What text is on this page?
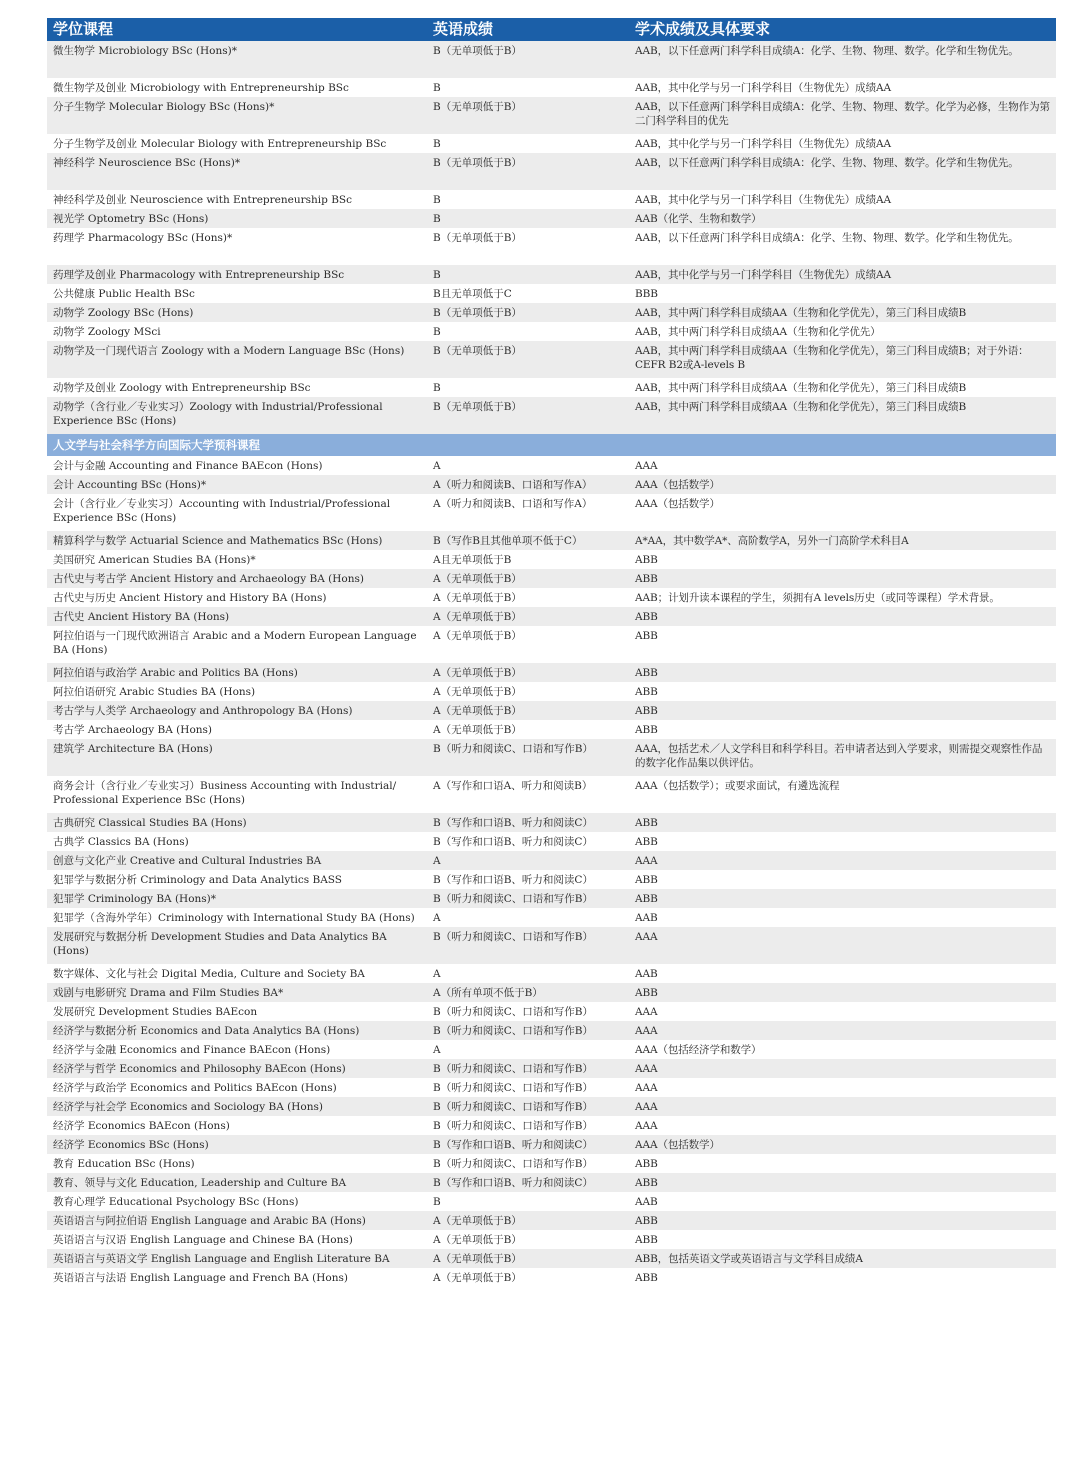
学位课程	英语成绩	学术成绩及具体要求
微生物学 Microbiology BSc (Hons)*	B（无单项低于B）	AAB，以下任意两门科学科目成绩A：化学、生物、物理、数学。化学和生物优先。
微生物学及创业 Microbiology with Entrepreneurship BSc	B	AAB，其中化学与另一门科学科目（生物优先）成绩AA
分子生物学 Molecular Biology BSc (Hons)*	B（无单项低于B）	AAB，以下任意两门科学科目成绩A：化学、生物、物理、数学。化学为必修，生物作为第二门科学科目的优先
分子生物学及创业 Molecular Biology with Entrepreneurship BSc	B	AAB，其中化学与另一门科学科目（生物优先）成绩AA
神经科学 Neuroscience BSc (Hons)*	B（无单项低于B）	AAB，以下任意两门科学科目成绩A：化学、生物、物理、数学。化学和生物优先。
神经科学及创业 Neuroscience with Entrepreneurship BSc	B	AAB，其中化学与另一门科学科目（生物优先）成绩AA
视光学 Optometry BSc (Hons)	B	AAB（化学、生物和数学）
药理学 Pharmacology BSc (Hons)*	B（无单项低于B）	AAB，以下任意两门科学科目成绩A：化学、生物、物理、数学。化学和生物优先。
药理学及创业 Pharmacology with Entrepreneurship BSc	B	AAB，其中化学与另一门科学科目（生物优先）成绩AA
公共健康 Public Health BSc	B且无单项低于C	BBB
动物学 Zoology BSc (Hons)	B（无单项低于B）	AAB，其中两门科学科目成绩AA（生物和化学优先），第三门科目成绩B
动物学 Zoology MSci	B	AAB，其中两门科学科目成绩AA（生物和化学优先）
动物学及一门现代语言 Zoology with a Modern Language BSc (Hons)	B（无单项低于B）	AAB，其中两门科学科目成绩AA（生物和化学优先），第三门科目成绩B；对于外语：CEFR B2或A-levels B
动物学及创业 Zoology with Entrepreneurship BSc	B	AAB，其中两门科学科目成绩AA（生物和化学优先），第三门科目成绩B
动物学（含行业／专业实习）Zoology with Industrial/Professional Experience BSc (Hons)	B（无单项低于B）	AAB，其中两门科学科目成绩AA（生物和化学优先），第三门科目成绩B
人文学与社会科学方向国际大学预科课程		
会计与金融 Accounting and Finance BAEcon (Hons)	A	AAA
会计 Accounting BSc (Hons)*	A（听力和阅读B、口语和写作A）	AAA（包括数学）
会计（含行业／专业实习）Accounting with Industrial/Professional Experience BSc (Hons)	A（听力和阅读B、口语和写作A）	AAA（包括数学）
精算科学与数学 Actuarial Science and Mathematics BSc (Hons)	B（写作B且其他单项不低于C）	A*AA，其中数学A*、高阶数学A，另外一门高阶学术科目A
美国研究 American Studies BA (Hons)*	A且无单项低于B	ABB
古代史与考古学 Ancient History and Archaeology BA (Hons)	A（无单项低于B）	ABB
古代史与历史 Ancient History and History BA (Hons)	A（无单项低于B）	AAB；计划升读本课程的学生，须拥有A levels历史（或同等课程）学术背景。
古代史 Ancient History BA (Hons)	A（无单项低于B）	ABB
阿拉伯语与一门现代欧洲语言 Arabic and a Modern European Language BA (Hons)	A（无单项低于B）	ABB
阿拉伯语与政治学 Arabic and Politics BA (Hons)	A（无单项低于B）	ABB
阿拉伯语研究 Arabic Studies BA (Hons)	A（无单项低于B）	ABB
考古学与人类学 Archaeology and Anthropology BA (Hons)	A（无单项低于B）	ABB
考古学 Archaeology BA (Hons)	A（无单项低于B）	ABB
建筑学 Architecture BA (Hons)	B（听力和阅读C、口语和写作B）	AAA，包括艺术／人文学科目和科学科目。若申请者达到入学要求，则需提交观察性作品的数字化作品集以供评估。
商务会计（含行业／专业实习）Business Accounting with Industrial/ Professional Experience BSc (Hons)	A（写作和口语A、听力和阅读B）	AAA（包括数学）；或要求面试，有遴选流程
古典研究 Classical Studies BA (Hons)	B（写作和口语B、听力和阅读C）	ABB
古典学 Classics BA (Hons)	B（写作和口语B、听力和阅读C）	ABB
创意与文化产业 Creative and Cultural Industries BA	A	AAA
犯罪学与数据分析 Criminology and Data Analytics BASS	B（写作和口语B、听力和阅读C）	ABB
犯罪学 Criminology BA (Hons)*	B（听力和阅读C、口语和写作B）	ABB
犯罪学（含海外学年）Criminology with International Study BA (Hons)	A	AAB
发展研究与数据分析 Development Studies and Data Analytics BA (Hons)	B（听力和阅读C、口语和写作B）	AAA
数字媒体、文化与社会 Digital Media, Culture and Society BA	A	AAB
戏剧与电影研究 Drama and Film Studies BA*	A（所有单项不低于B）	ABB
发展研究 Development Studies BAEcon	B（听力和阅读C、口语和写作B）	AAA
经济学与数据分析 Economics and Data Analytics BA (Hons)	B（听力和阅读C、口语和写作B）	AAA
经济学与金融 Economics and Finance BAEcon (Hons)	A	AAA（包括经济学和数学）
经济学与哲学 Economics and Philosophy BAEcon (Hons)	B（听力和阅读C、口语和写作B）	AAA
经济学与政治学 Economics and Politics BAEcon (Hons)	B（听力和阅读C、口语和写作B）	AAA
经济学与社会学 Economics and Sociology BA (Hons)	B（听力和阅读C、口语和写作B）	AAA
经济学 Economics BAEcon (Hons)	B（听力和阅读C、口语和写作B）	AAA
经济学 Economics BSc (Hons)	B（写作和口语B、听力和阅读C）	AAA（包括数学）
教育 Education BSc (Hons)	B（听力和阅读C、口语和写作B）	ABB
教育、领导与文化 Education, Leadership and Culture BA	B（写作和口语B、听力和阅读C）	ABB
教育心理学 Educational Psychology BSc (Hons)	B	AAB
英语语言与阿拉伯语 English Language and Arabic BA (Hons)	A（无单项低于B）	ABB
英语语言与汉语 English Language and Chinese BA (Hons)	A（无单项低于B）	ABB
英语语言与英语文学 English Language and English Literature BA	A（无单项低于B）	ABB，包括英语文学或英语语言与文学科目成绩A
英语语言与法语 English Language and French BA (Hons)	A（无单项低于B）	ABB
